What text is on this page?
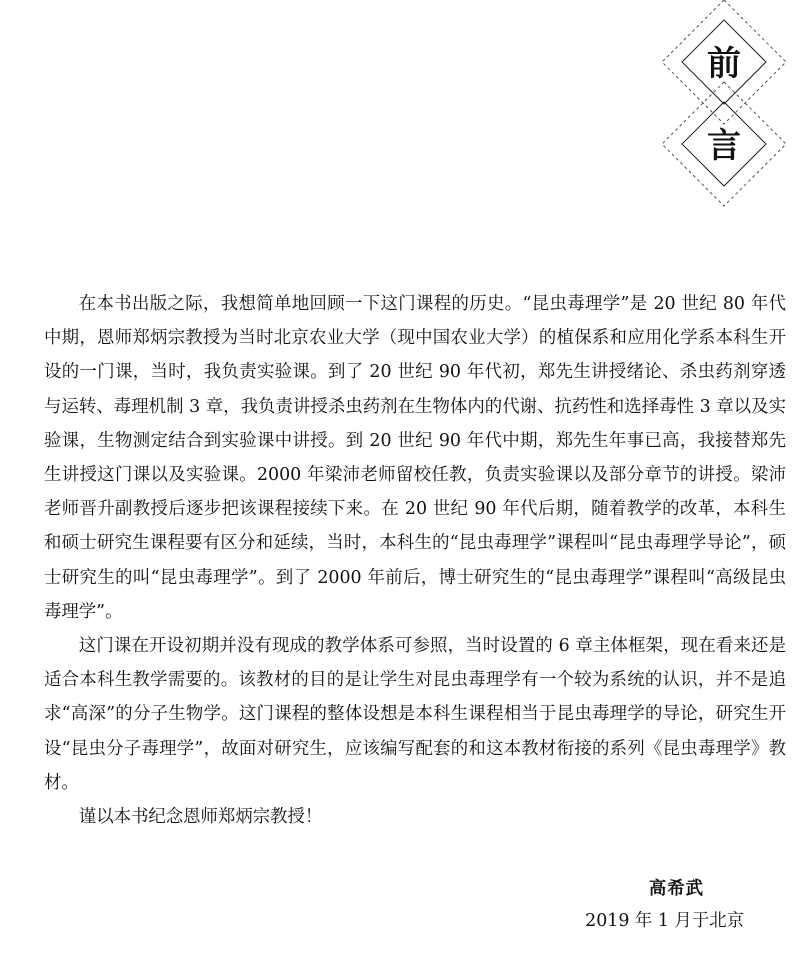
前
言

在本书出版之际，我想简单地回顾一下这门课程的历史。“昆虫毒理学”是 20 世纪 80 年代中期，恩师郑炳宗教授为当时北京农业大学（现中国农业大学）的植保系和应用化学系本科生开设的一门课，当时，我负责实验课。到了 20 世纪 90 年代初，郑先生讲授绪论、杀虫药剂穿透与运转、毒理机制 3 章，我负责讲授杀虫药剂在生物体内的代谢、抗药性和选择毒性 3 章以及实验课，生物测定结合到实验课中讲授。到 20 世纪 90 年代中期，郑先生年事已高，我接替郑先生讲授这门课以及实验课。2000 年梁沛老师留校任教，负责实验课以及部分章节的讲授。梁沛老师晋升副教授后逐步把该课程接续下来。在 20 世纪 90 年代后期，随着教学的改革，本科生和硕士研究生课程要有区分和延续，当时，本科生的“昆虫毒理学”课程叫“昆虫毒理学导论”，硕士研究生的叫“昆虫毒理学”。到了 2000 年前后，博士研究生的“昆虫毒理学”课程叫“高级昆虫毒理学”。

这门课在开设初期并没有现成的教学体系可参照，当时设置的 6 章主体框架，现在看来还是适合本科生教学需要的。该教材的目的是让学生对昆虫毒理学有一个较为系统的认识，并不是追求“高深”的分子生物学。这门课程的整体设想是本科生课程相当于昆虫毒理学的导论，研究生开设“昆虫分子毒理学”，故面对研究生，应该编写配套的和这本教材衔接的系列《昆虫毒理学》教材。

谨以本书纪念恩师郑炳宗教授！

高希武
2019 年 1 月于北京
